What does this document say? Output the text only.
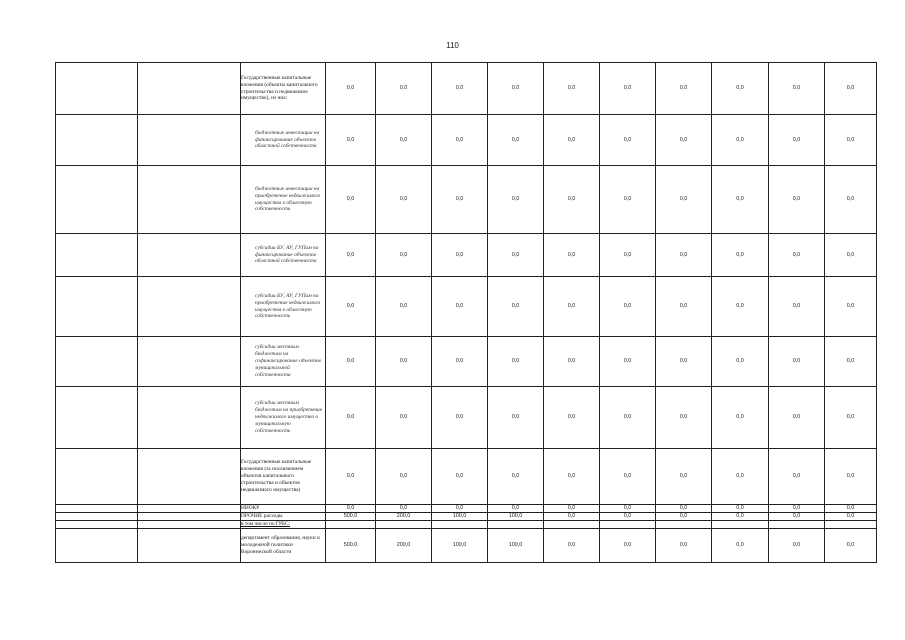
110
		Государственные капитальные вложения (объекты капитального строительства и недвижимое имущество), из них:	0,0	0,0	0,0	0,0	0,0	0,0	0,0	0,0	0,0	0,0
		бюджетные инвестиции на финансирование объектов областной собственности	0,0	0,0	0,0	0,0	0,0	0,0	0,0	0,0	0,0	0,0
		бюджетные инвестиции на приобретение недвижимого имущества в областную собственность	0,0	0,0	0,0	0,0	0,0	0,0	0,0	0,0	0,0	0,0
		субсидии БУ, АУ, ГУПам на финансирование объектов областной собственности	0,0	0,0	0,0	0,0	0,0	0,0	0,0	0,0	0,0	0,0
		субсидии БУ, АУ, ГУПам на приобретение недвижимого имущества в областную собственность	0,0	0,0	0,0	0,0	0,0	0,0	0,0	0,0	0,0	0,0
		субсидии местным бюджетам на софинансирование объектов муниципальной собственности	0,0	0,0	0,0	0,0	0,0	0,0	0,0	0,0	0,0	0,0
		субсидии местным бюджетам на приобретение недвижимого имущества в муниципальную собственность	0,0	0,0	0,0	0,0	0,0	0,0	0,0	0,0	0,0	0,0
		Государственные капитальные вложения (за исключением объектов капитального строительства и объектов недвижимого имущества)	0,0	0,0	0,0	0,0	0,0	0,0	0,0	0,0	0,0	0,0
		НИОКР	0,0	0,0	0,0	0,0	0,0	0,0	0,0	0,0	0,0	0,0
		ПРОЧИЕ расходы	500,0	200,0	100,0	100,0	0,0	0,0	0,0	0,0	0,0	0,0
		в том числе по ГРБС:										
		департамент образования, науки и молодежной политики Воронежской области	500,0	200,0	100,0	100,0	0,0	0,0	0,0	0,0	0,0	0,0
